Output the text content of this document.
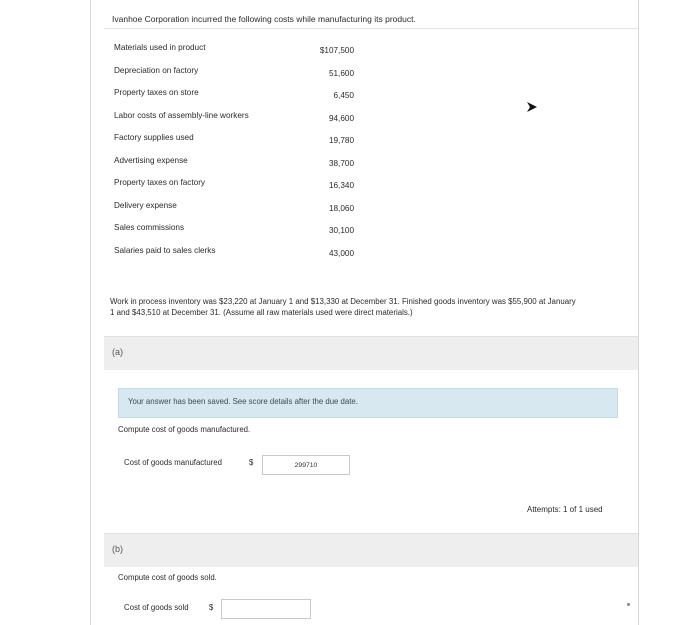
Ivanhoe Corporation incurred the following costs while manufacturing its product.
Materials used in product	$107,500
Depreciation on factory	51,600
Property taxes on store	6,450
Labor costs of assembly-line workers	94,600
Factory supplies used	19,780
Advertising expense	38,700
Property taxes on factory	16,340
Delivery expense	18,060
Sales commissions	30,100
Salaries paid to sales clerks	43,000
Work in process inventory was $23,220 at January 1 and $13,330 at December 31. Finished goods inventory was $55,900 at January
1 and $43,510 at December 31. (Assume all raw materials used were direct materials.)
(a)
Your answer has been saved. See score details after the due date.
Compute cost of goods manufactured.
Cost of goods manufactured	$	299710
Attempts: 1 of 1 used
(b)
Compute cost of goods sold.
Cost of goods sold	$
